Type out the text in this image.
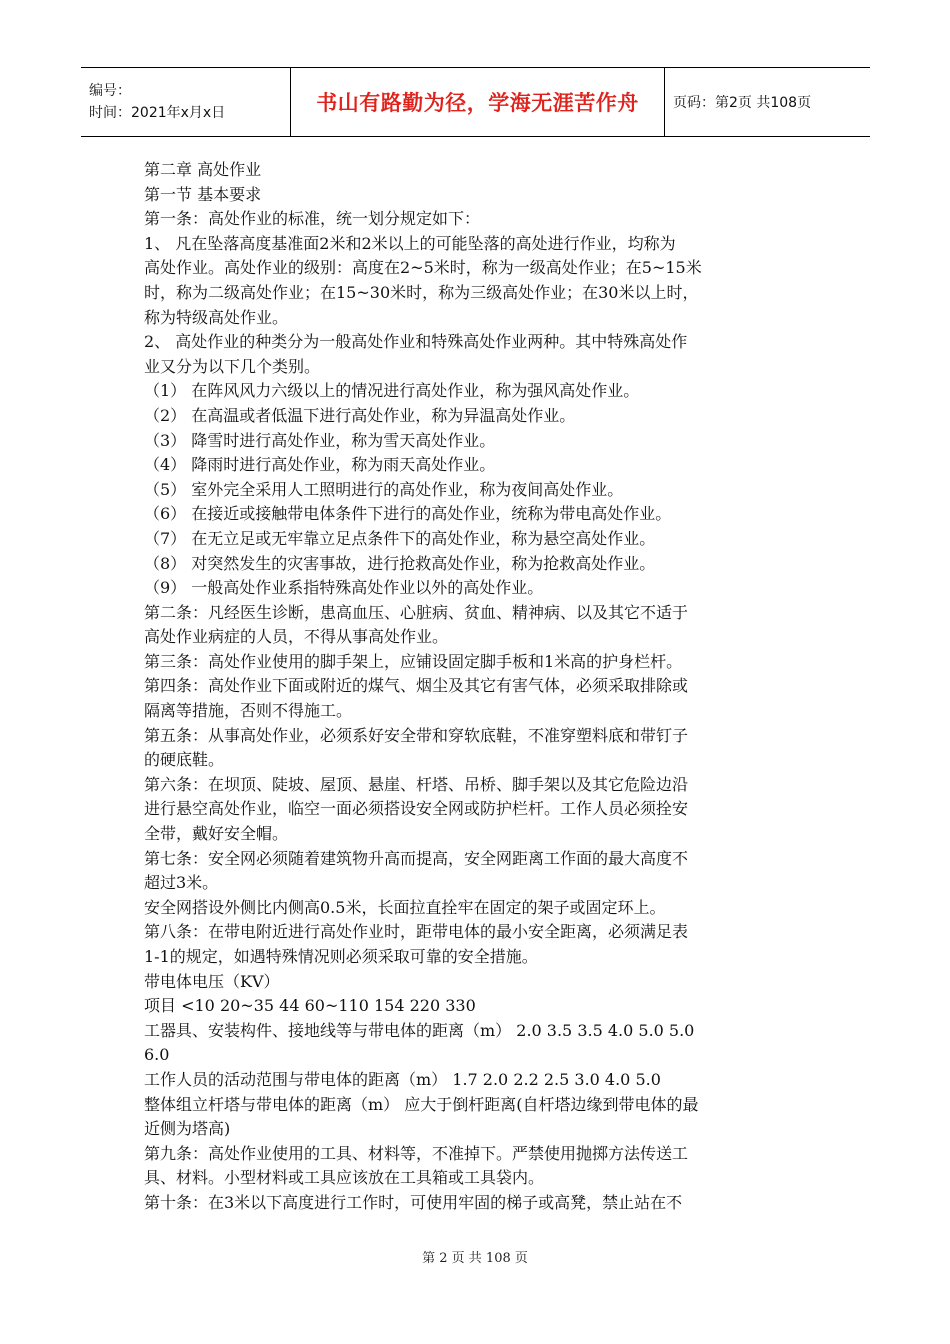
编号：
时间：2021年x月x日	书山有路勤为径，学海无涯苦作舟 页码：第2页 共108页
第二章 高处作业
第一节 基本要求
第一条：高处作业的标准，统一划分规定如下：
1、 凡在坠落高度基准面2米和2米以上的可能坠落的高处进行作业，均称为
高处作业。高处作业的级别：高度在2~5米时，称为一级高处作业；在5~15米
时，称为二级高处作业；在15~30米时，称为三级高处作业；在30米以上时，
称为特级高处作业。
2、 高处作业的种类分为一般高处作业和特殊高处作业两种。其中特殊高处作
业又分为以下几个类别。
（1） 在阵风风力六级以上的情况进行高处作业，称为强风高处作业。
（2） 在高温或者低温下进行高处作业，称为异温高处作业。
（3） 降雪时进行高处作业，称为雪天高处作业。
（4） 降雨时进行高处作业，称为雨天高处作业。
（5） 室外完全采用人工照明进行的高处作业，称为夜间高处作业。
（6） 在接近或接触带电体条件下进行的高处作业，统称为带电高处作业。
（7） 在无立足或无牢靠立足点条件下的高处作业，称为悬空高处作业。
（8） 对突然发生的灾害事故，进行抢救高处作业，称为抢救高处作业。
（9） 一般高处作业系指特殊高处作业以外的高处作业。
第二条：凡经医生诊断，患高血压、心脏病、贫血、精神病、以及其它不适于
高处作业病症的人员，不得从事高处作业。
第三条：高处作业使用的脚手架上，应铺设固定脚手板和1米高的护身栏杆。
第四条：高处作业下面或附近的煤气、烟尘及其它有害气体，必须采取排除或
隔离等措施，否则不得施工。
第五条：从事高处作业，必须系好安全带和穿软底鞋，不准穿塑料底和带钉子
的硬底鞋。
第六条：在坝顶、陡坡、屋顶、悬崖、杆塔、吊桥、脚手架以及其它危险边沿
进行悬空高处作业，临空一面必须搭设安全网或防护栏杆。工作人员必须拴安
全带，戴好安全帽。
第七条：安全网必须随着建筑物升高而提高，安全网距离工作面的最大高度不
超过3米。
安全网搭设外侧比内侧高0.5米，长面拉直拴牢在固定的架子或固定环上。
第八条：在带电附近进行高处作业时，距带电体的最小安全距离，必须满足表
1-1的规定，如遇特殊情况则必须采取可靠的安全措施。
带电体电压（KV）
项目 <10 20~35 44 60~110 154 220 330
工器具、安装构件、接地线等与带电体的距离（m） 2.0 3.5 3.5 4.0 5.0 5.0
6.0
工作人员的活动范围与带电体的距离（m） 1.7 2.0 2.2 2.5 3.0 4.0 5.0
整体组立杆塔与带电体的距离（m） 应大于倒杆距离(自杆塔边缘到带电体的最
近侧为塔高)
第九条：高处作业使用的工具、材料等，不准掉下。严禁使用抛掷方法传送工
具、材料。小型材料或工具应该放在工具箱或工具袋内。
第十条：在3米以下高度进行工作时，可使用牢固的梯子或高凳，禁止站在不
第 2 页 共 108 页
